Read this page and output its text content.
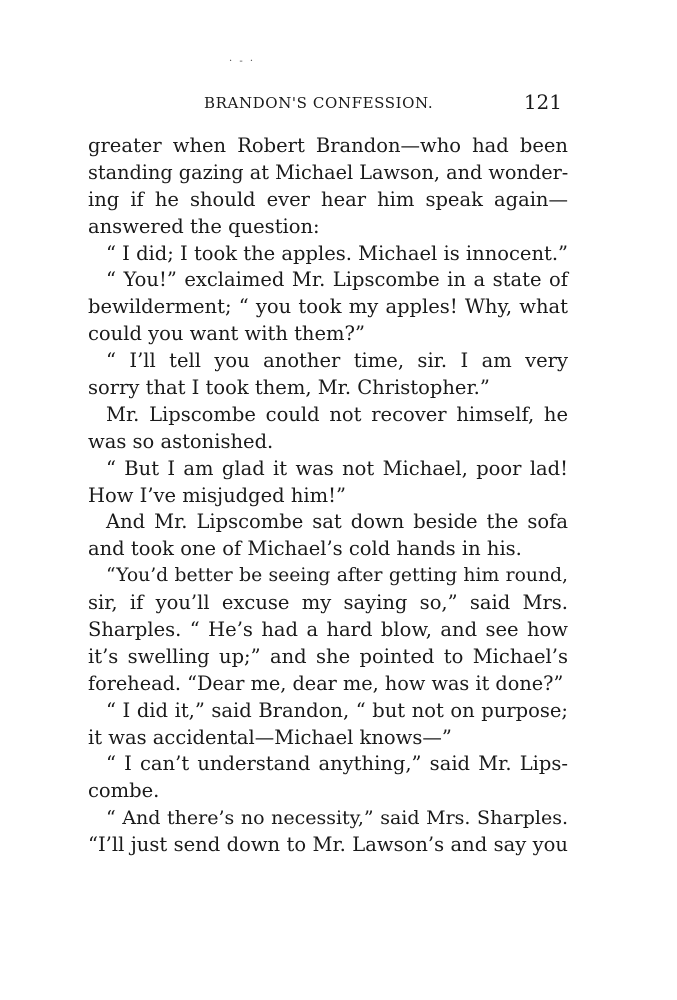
· - ·
BRANDON'S CONFESSION.	121
greater when Robert Brandon—who had been
standing gazing at Michael Lawson, and wonder-
ing if he should ever hear him speak again—
answered the question:
“ I did; I took the apples. Michael is innocent.”
“ You!” exclaimed Mr. Lipscombe in a state of
bewilderment; “ you took my apples! Why, what
could you want with them?”
“ I’ll tell you another time, sir. I am very
sorry that I took them, Mr. Christopher.”
Mr. Lipscombe could not recover himself, he
was so astonished.
“ But I am glad it was not Michael, poor lad!
How I’ve misjudged him!”
And Mr. Lipscombe sat down beside the sofa
and took one of Michael’s cold hands in his.
“You’d better be seeing after getting him round,
sir, if you’ll excuse my saying so,” said Mrs.
Sharples. “ He’s had a hard blow, and see how
it’s swelling up;” and she pointed to Michael’s
forehead. “Dear me, dear me, how was it done?”
“ I did it,” said Brandon, “ but not on purpose;
it was accidental—Michael knows—”
“ I can’t understand anything,” said Mr. Lips-
combe.
“ And there’s no necessity,” said Mrs. Sharples.
“I’ll just send down to Mr. Lawson’s and say you
